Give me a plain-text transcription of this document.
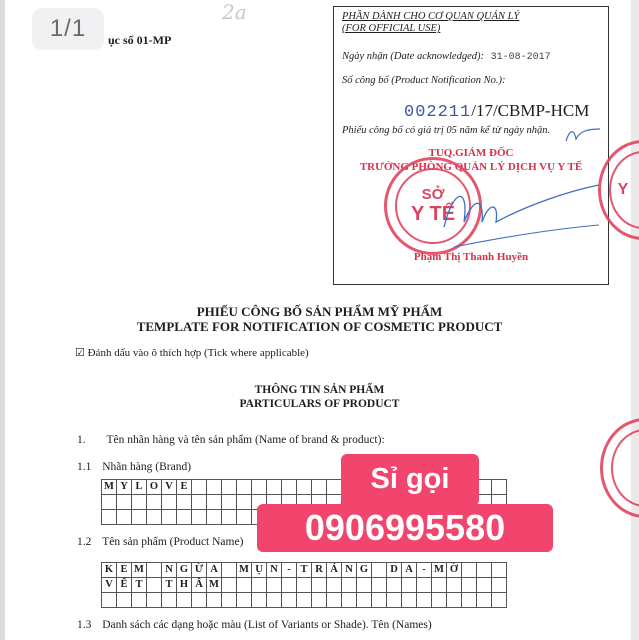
1/1	ục số 01-MP
2a	PHẦN DÀNH CHO CƠ QUAN QUẢN LÝ
(FOR OFFICIAL USE)
Ngày nhận (Date acknowledged): 31-08-2017
Số công bố (Product Notification No.):
002211/17/CBMP-HCM
Phiếu công bố có giá trị 05 năm kể từ ngày nhận.
TUQ.GIÁM ĐỐC
TRƯỞNG PHÒNG QUẢN LÝ DỊCH VỤ Y TẾ
SỞ
Y TẾ
Phạm Thị Thanh Huyền
Y
PHIẾU CÔNG BỐ SẢN PHẨM MỸ PHẨM
TEMPLATE FOR NOTIFICATION OF COSMETIC PRODUCT
☑ Đánh dấu vào ô thích hợp (Tick where applicable)
THÔNG TIN SẢN PHẨM
PARTICULARS OF PRODUCT
1. Tên nhãn hàng và tên sản phẩm (Name of brand & product):
1.1 Nhãn hàng (Brand)
M	Y	L	O	V	E																					

1.2 Tên sản phẩm (Product Name)
K	E	M		N	G	Ừ	A		M	Ụ	N	-	T	R	Á	N	G		D	A	-	M	Ờ			
V	Ế	T		T	H	Â	M																			

1.3 Danh sách các dạng hoặc màu (List of Variants or Shade). Tên (Names)
Sỉ gọi
0906995580
